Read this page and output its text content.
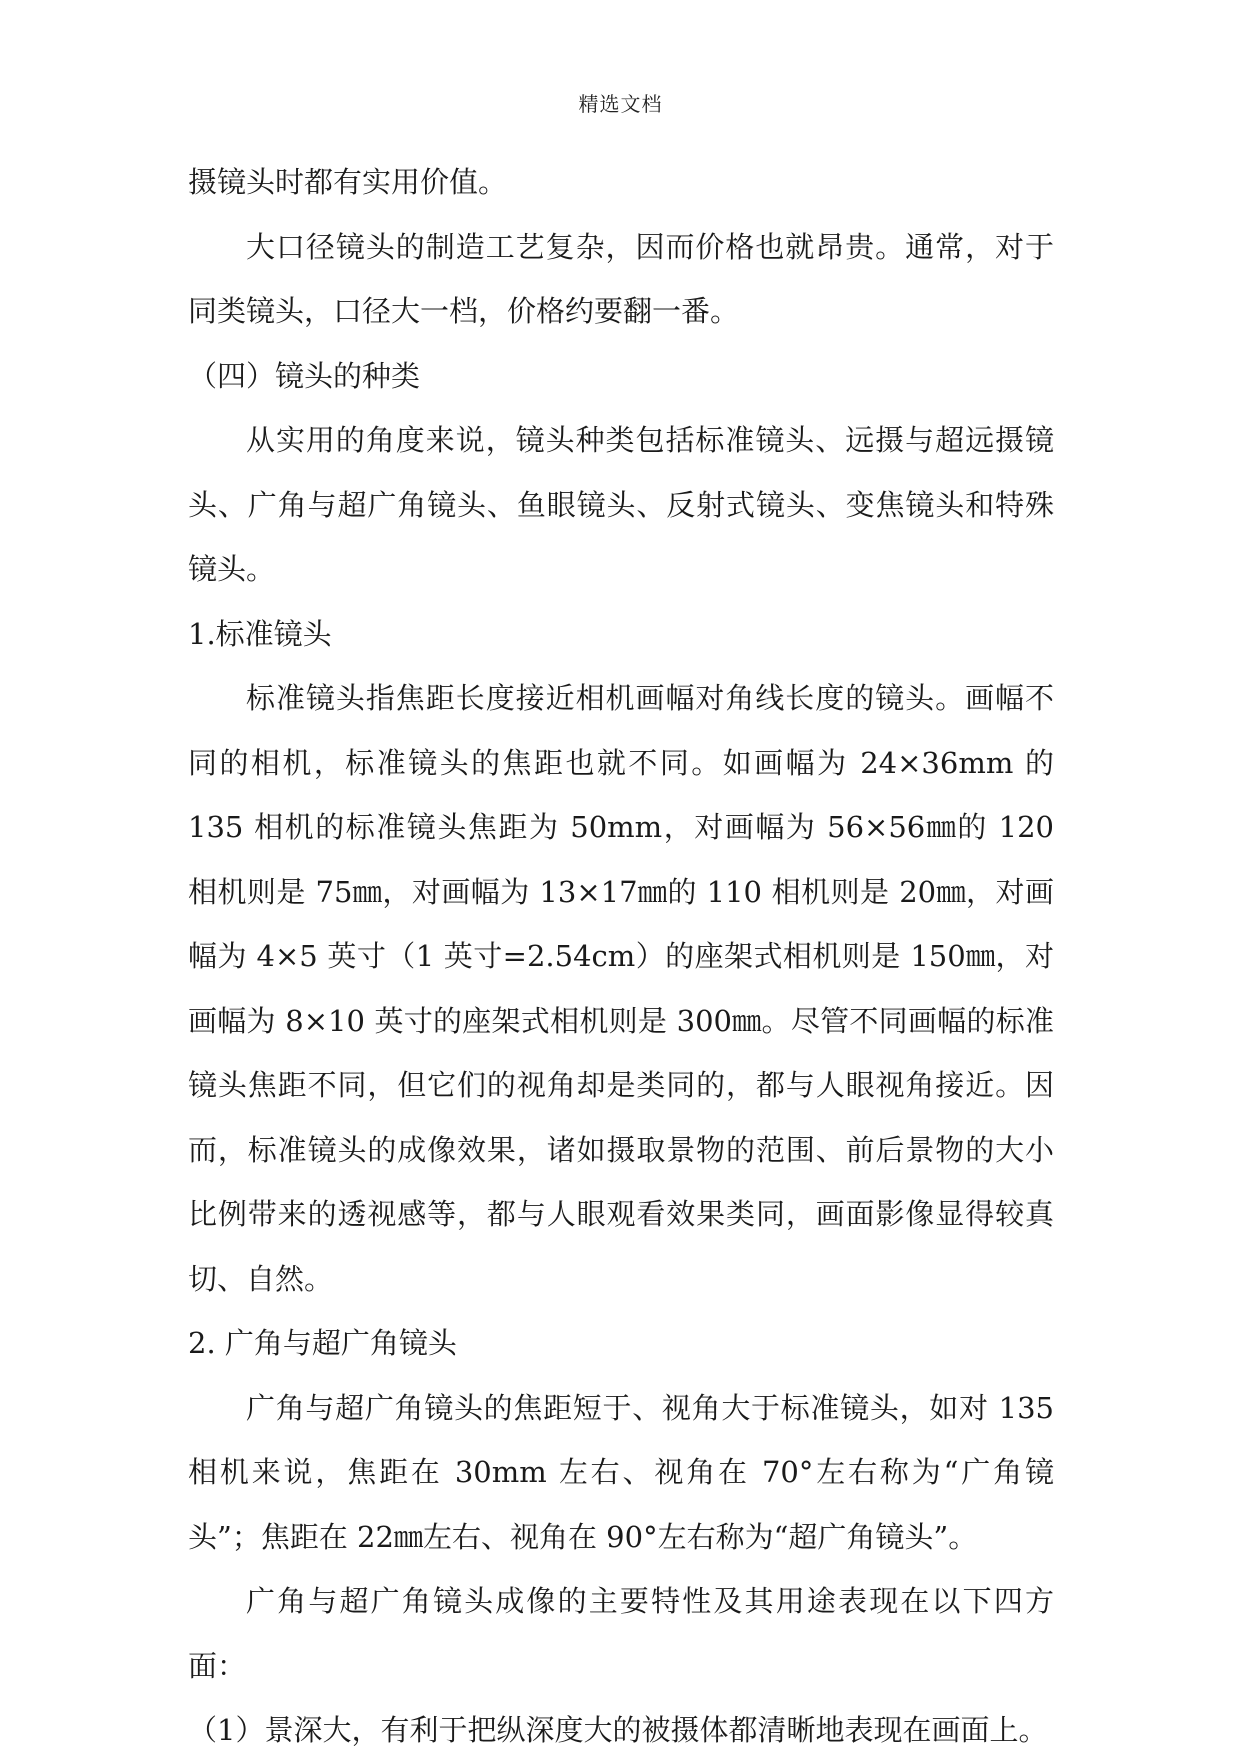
精选文档

摄镜头时都有实用价值。

大口径镜头的制造工艺复杂，因而价格也就昂贵。通常，对于同类镜头，口径大一档，价格约要翻一番。

（四）镜头的种类

从实用的角度来说，镜头种类包括标准镜头、远摄与超远摄镜头、广角与超广角镜头、鱼眼镜头、反射式镜头、变焦镜头和特殊镜头。

1.标准镜头

标准镜头指焦距长度接近相机画幅对角线长度的镜头。画幅不同的相机，标准镜头的焦距也就不同。如画幅为 24×36mm 的 135 相机的标准镜头焦距为 50mm，对画幅为 56×56㎜的 120 相机则是 75㎜，对画幅为 13×17㎜的 110 相机则是 20㎜，对画幅为 4×5 英寸（1 英寸=2.54cm）的座架式相机则是 150㎜，对画幅为 8×10 英寸的座架式相机则是 300㎜。尽管不同画幅的标准镜头焦距不同，但它们的视角却是类同的，都与人眼视角接近。因而，标准镜头的成像效果，诸如摄取景物的范围、前后景物的大小比例带来的透视感等，都与人眼观看效果类同，画面影像显得较真切、自然。

2. 广角与超广角镜头

广角与超广角镜头的焦距短于、视角大于标准镜头，如对 135 相机来说，焦距在 30mm 左右、视角在 70°左右称为“广角镜头”；焦距在 22㎜左右、视角在 90°左右称为“超广角镜头”。

广角与超广角镜头成像的主要特性及其用途表现在以下四方面：

（1）景深大，有利于把纵深度大的被摄体都清晰地表现在画面上。
